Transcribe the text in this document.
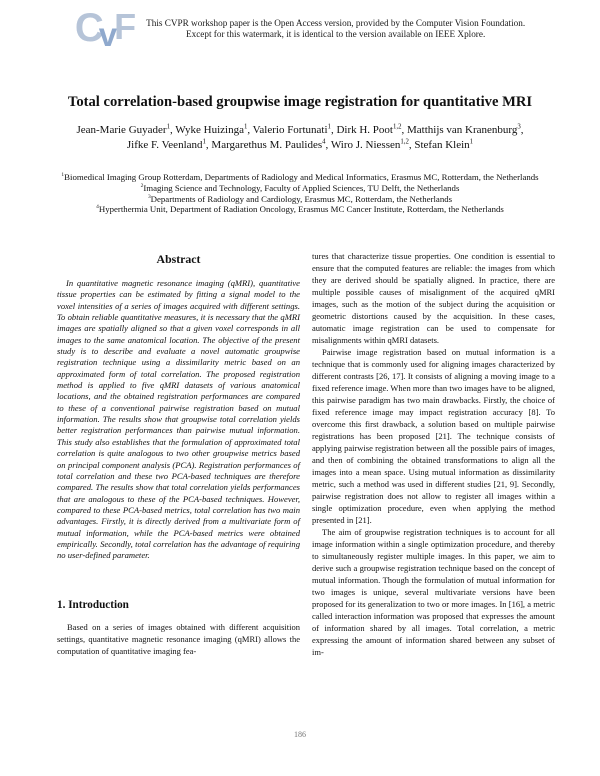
C
v
F This CVPR workshop paper is the Open Access version, provided by the Computer Vision Foundation.
Except for this watermark, it is identical to the version available on IEEE Xplore.
Total correlation-based groupwise image registration for quantitative MRI
Jean-Marie Guyader$^1$, Wyke Huizinga$^1$, Valerio Fortunati$^1$, Dirk H. Poot$^{1,2}$, Matthijs van Kranenburg$^3$,
Jifke F. Veenland$^1$, Margarethus M. Paulides$^4$, Wiro J. Niessen$^{1,2}$, Stefan Klein$^1$
$^1$Biomedical Imaging Group Rotterdam, Departments of Radiology and Medical Informatics, Erasmus MC, Rotterdam, the Netherlands
$^2$Imaging Science and Technology, Faculty of Applied Sciences, TU Delft, the Netherlands
$^3$Departments of Radiology and Cardiology, Erasmus MC, Rotterdam, the Netherlands
$^4$Hyperthermia Unit, Department of Radiation Oncology, Erasmus MC Cancer Institute, Rotterdam, the Netherlands
Abstract

In quantitative magnetic resonance imaging (qMRI), quantitative tissue properties can be estimated by fitting a signal model to the voxel intensities of a series of images acquired with different settings. To obtain reliable quantitative measures, it is necessary that the qMRI images are spatially aligned so that a given voxel corresponds in all images to the same anatomical location. The objective of the present study is to describe and evaluate a novel automatic groupwise registration technique using a dissimilarity metric based on an approximated form of total correlation. The proposed registration method is applied to five qMRI datasets of various anatomical locations, and the obtained registration performances are compared to these of a conventional pairwise registration based on mutual information. The results show that groupwise total correlation yields better registration performances than pairwise mutual information. This study also establishes that the formulation of approximated total correlation is quite analogous to two other groupwise metrics based on principal component analysis (PCA). Registration performances of total correlation and these two PCA-based techniques are therefore compared. The results show that total correlation yields performances that are analogous to these of the PCA-based techniques. However, compared to these PCA-based metrics, total correlation has two main advantages. Firstly, it is directly derived from a multivariate form of mutual information, while the PCA-based metrics were obtained empirically. Secondly, total correlation has the advantage of requiring no user-defined parameter.

1. Introduction

Based on a series of images obtained with different acquisition settings, quantitative magnetic resonance imaging (qMRI) allows the computation of quantitative imaging fea-

tures that characterize tissue properties. One condition is essential to ensure that the computed features are reliable: the images from which they are derived should be spatially aligned. In practice, there are multiple possible causes of misalignment of the acquired qMRI images, such as the motion of the subject during the acquisition or geometric distortions caused by the acquisition. In these cases, automatic image registration can be used to compensate for misalignments within qMRI datasets.

Pairwise image registration based on mutual information is a technique that is commonly used for aligning images characterized by different contrasts [26, 17]. It consists of aligning a moving image to a fixed reference image. When more than two images have to be aligned, this pairwise paradigm has two main drawbacks. Firstly, the choice of fixed reference image may impact registration accuracy [8]. To overcome this first drawback, a solution based on multiple pairwise registrations has been proposed [21]. The technique consists of applying pairwise registration between all the possible pairs of images, and then of combining the obtained transformations to align all the images into a mean space. Using mutual information as dissimilarity metric, such a method was used in different studies [21, 9]. Secondly, pairwise registration does not allow to register all images within a single optimization procedure, even when applying the method presented in [21].

The aim of groupwise registration techniques is to account for all image information within a single optimization procedure, and thereby to simultaneously register multiple images. In this paper, we aim to derive such a groupwise registration technique based on the concept of mutual information. Though the formulation of mutual information for two images is unique, several multivariate versions have been proposed for its generalization to two or more images. In [16], a metric called interaction information was proposed that expresses the amount of information shared by all images. Total correlation, a metric expressing the amount of information shared between any subset of im-

186
